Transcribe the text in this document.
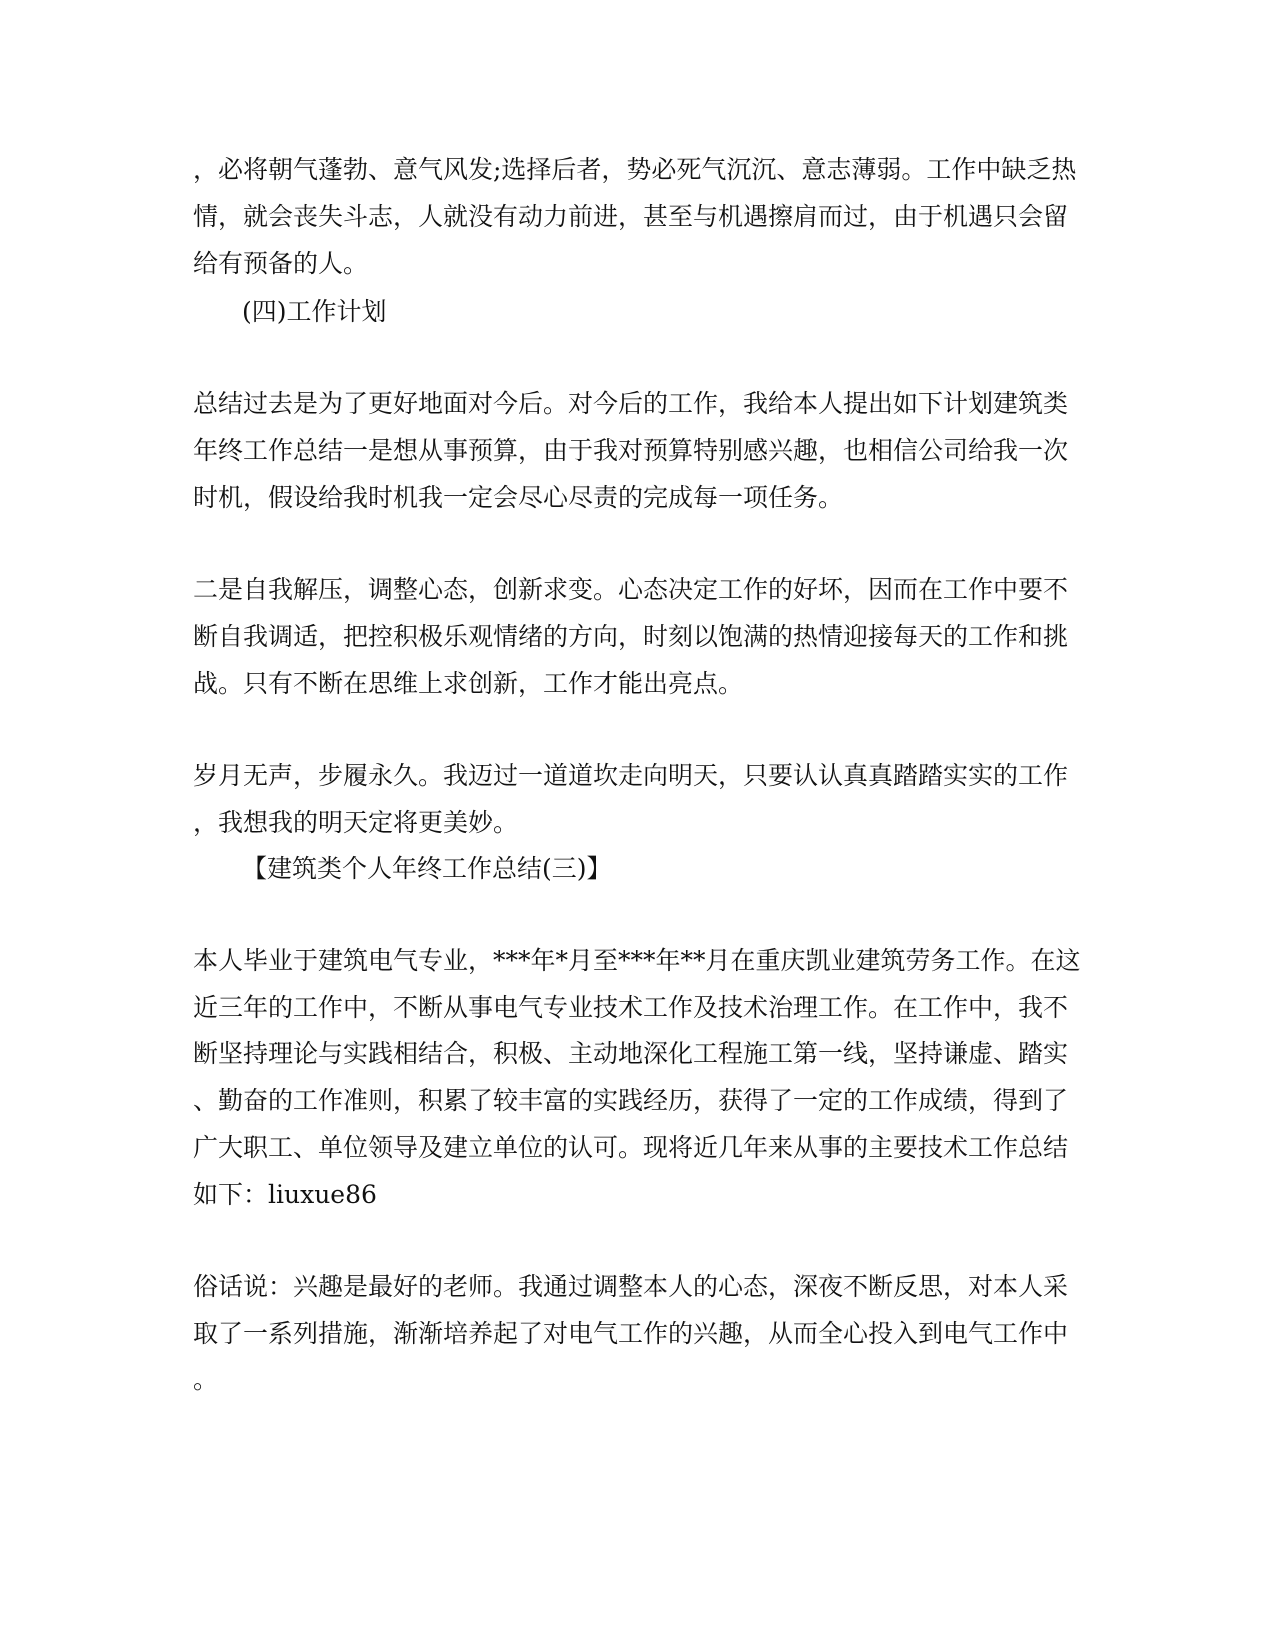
，必将朝气蓬勃、意气风发;选择后者，势必死气沉沉、意志薄弱。工作中缺乏热
情，就会丧失斗志，人就没有动力前进，甚至与机遇擦肩而过，由于机遇只会留
给有预备的人。
(四)工作计划
总结过去是为了更好地面对今后。对今后的工作，我给本人提出如下计划建筑类
年终工作总结一是想从事预算，由于我对预算特别感兴趣，也相信公司给我一次
时机，假设给我时机我一定会尽心尽责的完成每一项任务。
二是自我解压，调整心态，创新求变。心态决定工作的好坏，因而在工作中要不
断自我调适，把控积极乐观情绪的方向，时刻以饱满的热情迎接每天的工作和挑
战。只有不断在思维上求创新，工作才能出亮点。
岁月无声，步履永久。我迈过一道道坎走向明天，只要认认真真踏踏实实的工作
，我想我的明天定将更美妙。
【建筑类个人年终工作总结(三)】
本人毕业于建筑电气专业，***年*月至***年**月在重庆凯业建筑劳务工作。在这
近三年的工作中，不断从事电气专业技术工作及技术治理工作。在工作中，我不
断坚持理论与实践相结合，积极、主动地深化工程施工第一线，坚持谦虚、踏实
、勤奋的工作准则，积累了较丰富的实践经历，获得了一定的工作成绩，得到了
广大职工、单位领导及建立单位的认可。现将近几年来从事的主要技术工作总结
如下：liuxue86
俗话说：兴趣是最好的老师。我通过调整本人的心态，深夜不断反思，对本人采
取了一系列措施，渐渐培养起了对电气工作的兴趣，从而全心投入到电气工作中
。
